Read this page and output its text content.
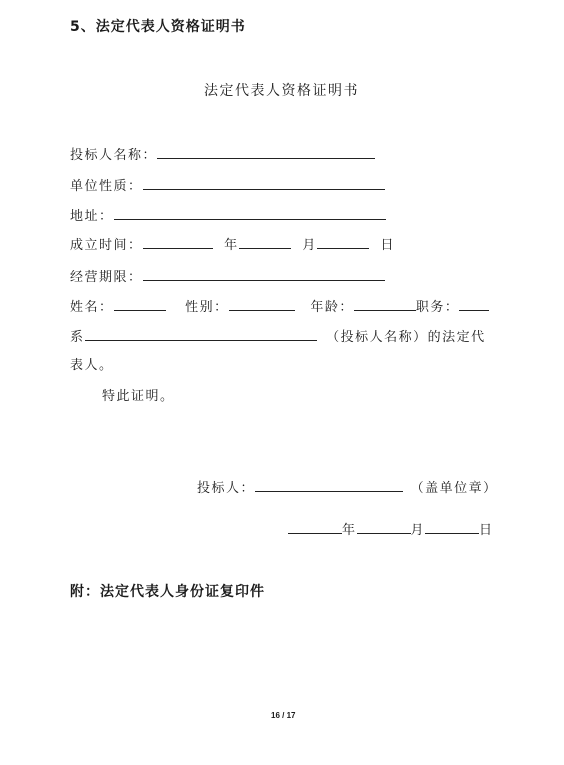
5、法定代表人资格证明书
法定代表人资格证明书
投标人名称：
单位性质：
地址：
成立时间：	年	月	日
经营期限：
姓名：	性别：	年龄：	职务：
系	（投标人名称）的法定代
表人。
特此证明。
投标人：	（盖单位章）
年	月	日
附：法定代表人身份证复印件
16 / 17
